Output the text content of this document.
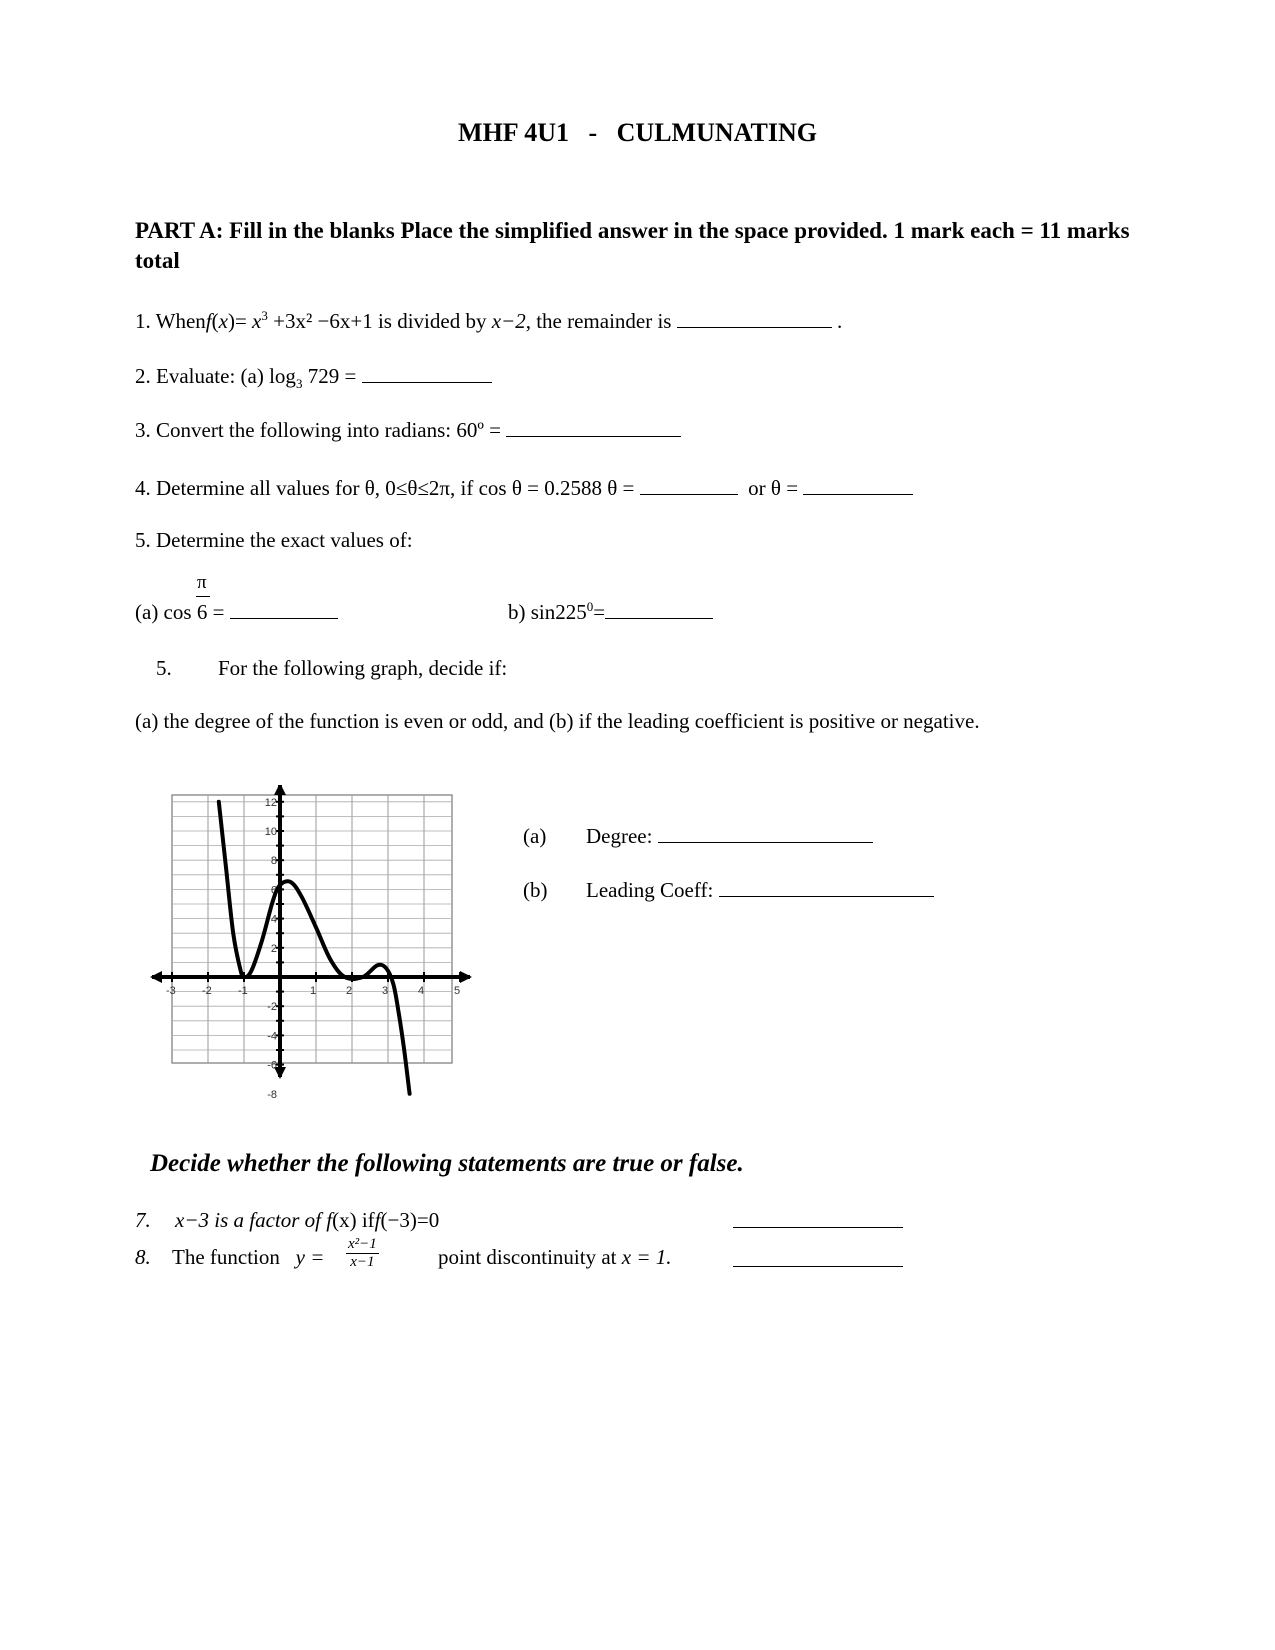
MHF 4U1   -   CULMUNATING
PART A: Fill in the blanks Place the simplified answer in the space provided. 1 mark each = 11 marks total
1. Whenf(x)= $x^3 +3x^2 -6x+1$ is divided by x−2, the remainder is	.
2. Evaluate: (a) $\log_3 729$ =
3. Convert the following into radians: 60º =
4. Determine all values for θ, 0≤θ≤2π, if cos θ = 0.2588 θ =	or θ =
5. Determine the exact values of:
π
(a) cos 6 =	b) $\sin 225^0=$
5. For the following graph, decide if:
(a) the degree of the function is even or odd, and (b) if the leading coefficient is positive or negative.
-3 -2 -1	1	2	3	4	5
12
10
8
6
4
2
-2
-4
-6
-8
(a) Degree:
(b) Leading Coeff:
Decide whether the following statements are true or false.
7. x−3 is a factor of f(x) iff(−3)=0
8. The function $y = \frac{\text{x²−1}}{x-1}$	point discontinuity at x = 1.
